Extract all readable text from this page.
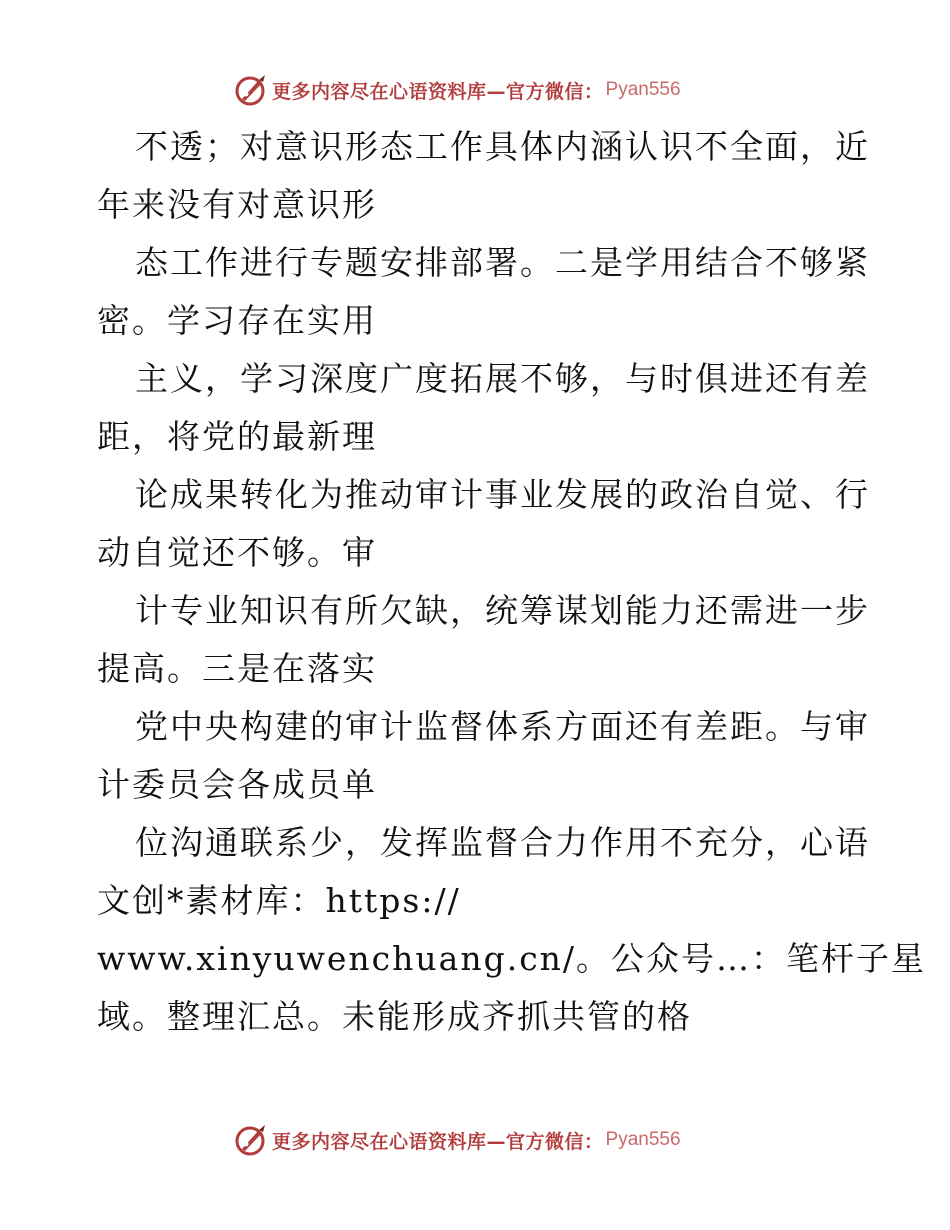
更多内容尽在心语资料库—官方微信： Pyan556
不透；对意识形态工作具体内涵认识不全面，近
年来没有对意识形
态工作进行专题安排部署。二是学用结合不够紧
密。学习存在实用
主义，学习深度广度拓展不够，与时俱进还有差
距，将党的最新理
论成果转化为推动审计事业发展的政治自觉、行
动自觉还不够。审
计专业知识有所欠缺，统筹谋划能力还需进一步
提高。三是在落实
党中央构建的审计监督体系方面还有差距。与审
计委员会各成员单
位沟通联系少，发挥监督合力作用不充分，心语
文创*素材库：https://
www.xinyuwenchuang.cn/。公众号…：笔杆子星
域。整理汇总。未能形成齐抓共管的格
更多内容尽在心语资料库—官方微信： Pyan556
